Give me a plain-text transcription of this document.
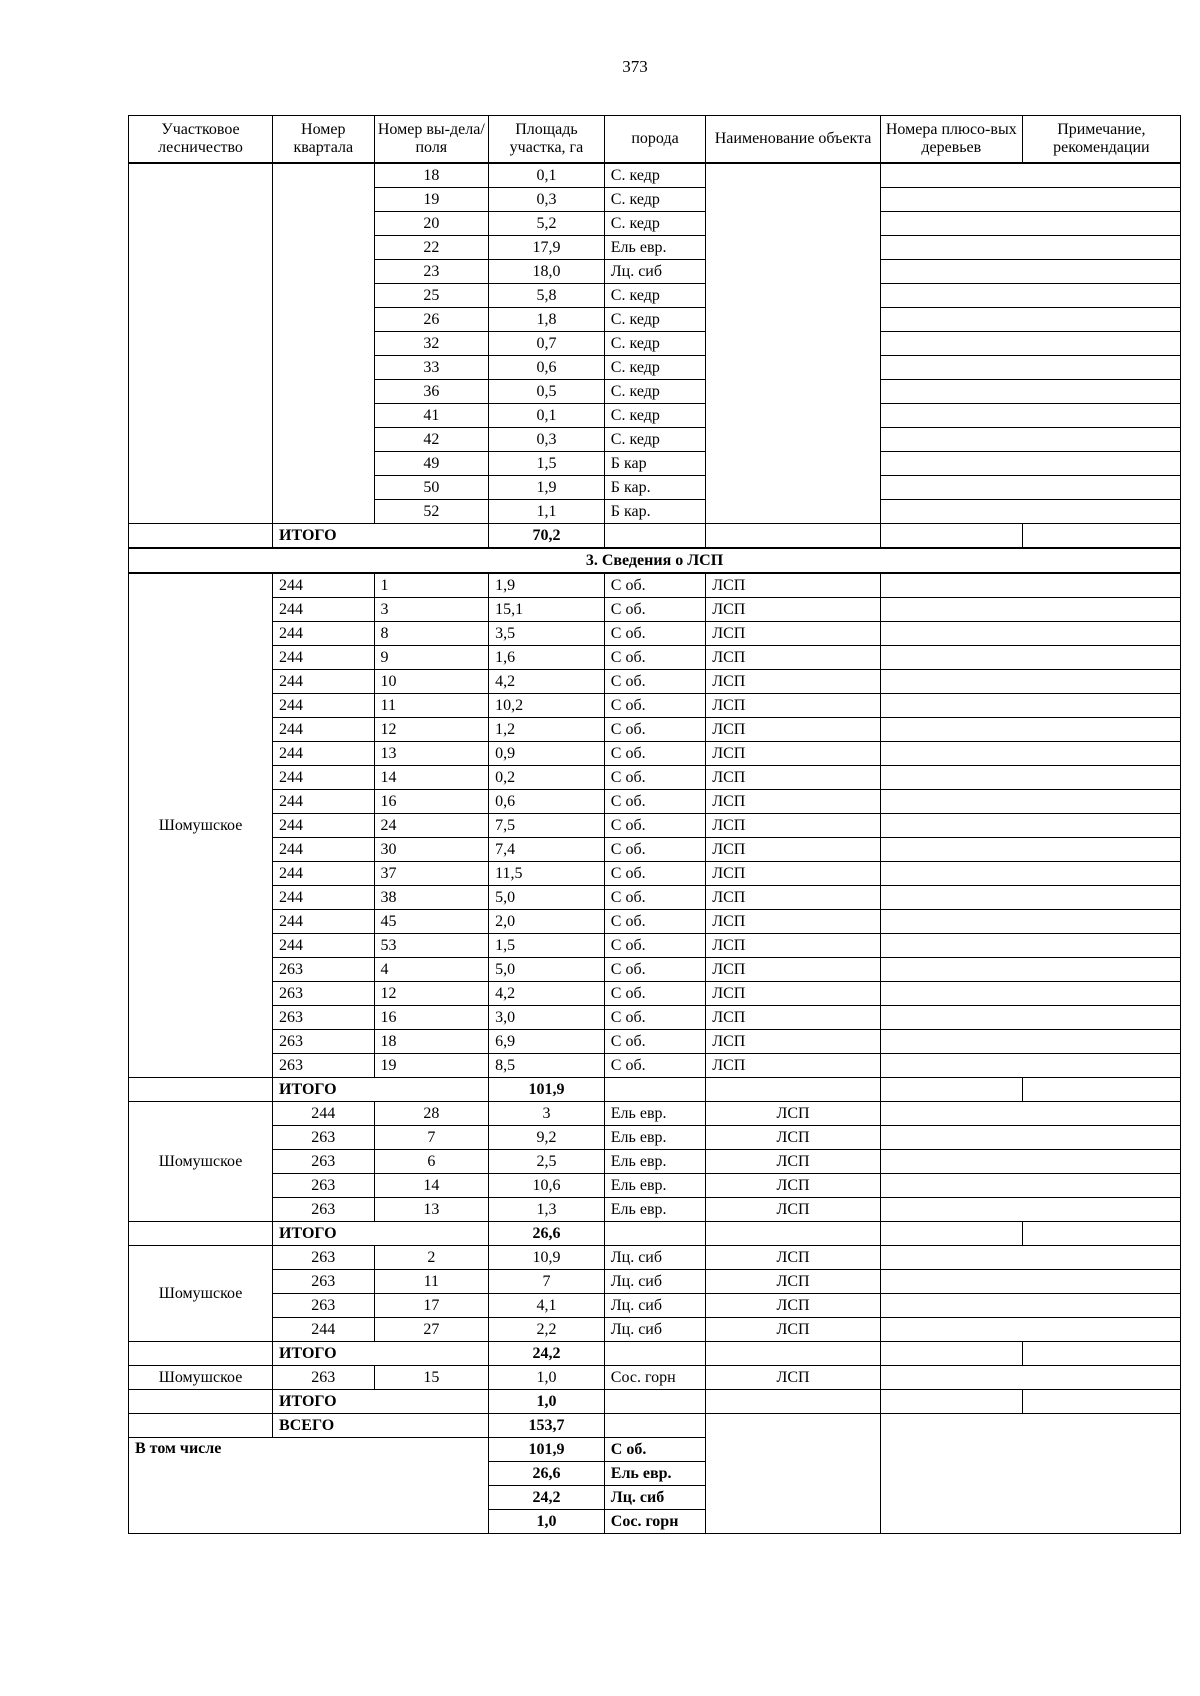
373
Участковое лесничество	Номер квартала	Номер вы-дела/ поля	Площадь участка, га	порода	Наименование объекта	Номера плюсо-вых деревьев	Примечание, рекомендации
		18	0,1	С. кедр			
		19	0,3	С. кедр			
		20	5,2	С. кедр			
		22	17,9	Ель евр.			
		23	18,0	Лц. сиб			
		25	5,8	С. кедр			
		26	1,8	С. кедр			
		32	0,7	С. кедр			
		33	0,6	С. кедр			
		36	0,5	С. кедр			
		41	0,1	С. кедр			
		42	0,3	С. кедр			
		49	1,5	Б кар			
		50	1,9	Б кар.			
		52	1,1	Б кар.			
	ИТОГО		70,2				
3. Сведения о ЛСП							
Шомушское	244	1	1,9	С об.	ЛСП		
	244	3	15,1	С об.	ЛСП		
	244	8	3,5	С об.	ЛСП		
	244	9	1,6	С об.	ЛСП		
	244	10	4,2	С об.	ЛСП		
	244	11	10,2	С об.	ЛСП		
	244	12	1,2	С об.	ЛСП		
	244	13	0,9	С об.	ЛСП		
	244	14	0,2	С об.	ЛСП		
	244	16	0,6	С об.	ЛСП		
	244	24	7,5	С об.	ЛСП		
	244	30	7,4	С об.	ЛСП		
	244	37	11,5	С об.	ЛСП		
	244	38	5,0	С об.	ЛСП		
	244	45	2,0	С об.	ЛСП		
	244	53	1,5	С об.	ЛСП		
	263	4	5,0	С об.	ЛСП		
	263	12	4,2	С об.	ЛСП		
	263	16	3,0	С об.	ЛСП		
	263	18	6,9	С об.	ЛСП		
	263	19	8,5	С об.	ЛСП		
	ИТОГО		101,9				
Шомушское	244	28	3	Ель евр.	ЛСП		
	263	7	9,2	Ель евр.	ЛСП		
	263	6	2,5	Ель евр.	ЛСП		
	263	14	10,6	Ель евр.	ЛСП		
	263	13	1,3	Ель евр.	ЛСП		
	ИТОГО		26,6				
Шомушское	263	2	10,9	Лц. сиб	ЛСП		
	263	11	7	Лц. сиб	ЛСП		
	263	17	4,1	Лц. сиб	ЛСП		
	244	27	2,2	Лц. сиб	ЛСП		
	ИТОГО		24,2				
Шомушское	263	15	1,0	Сос. горн	ЛСП		
	ИТОГО		1,0				
	ВСЕГО		153,7				
В том числе			101,9	С об.			
			26,6	Ель евр.			
			24,2	Лц. сиб			
			1,0	Сос. горн			
